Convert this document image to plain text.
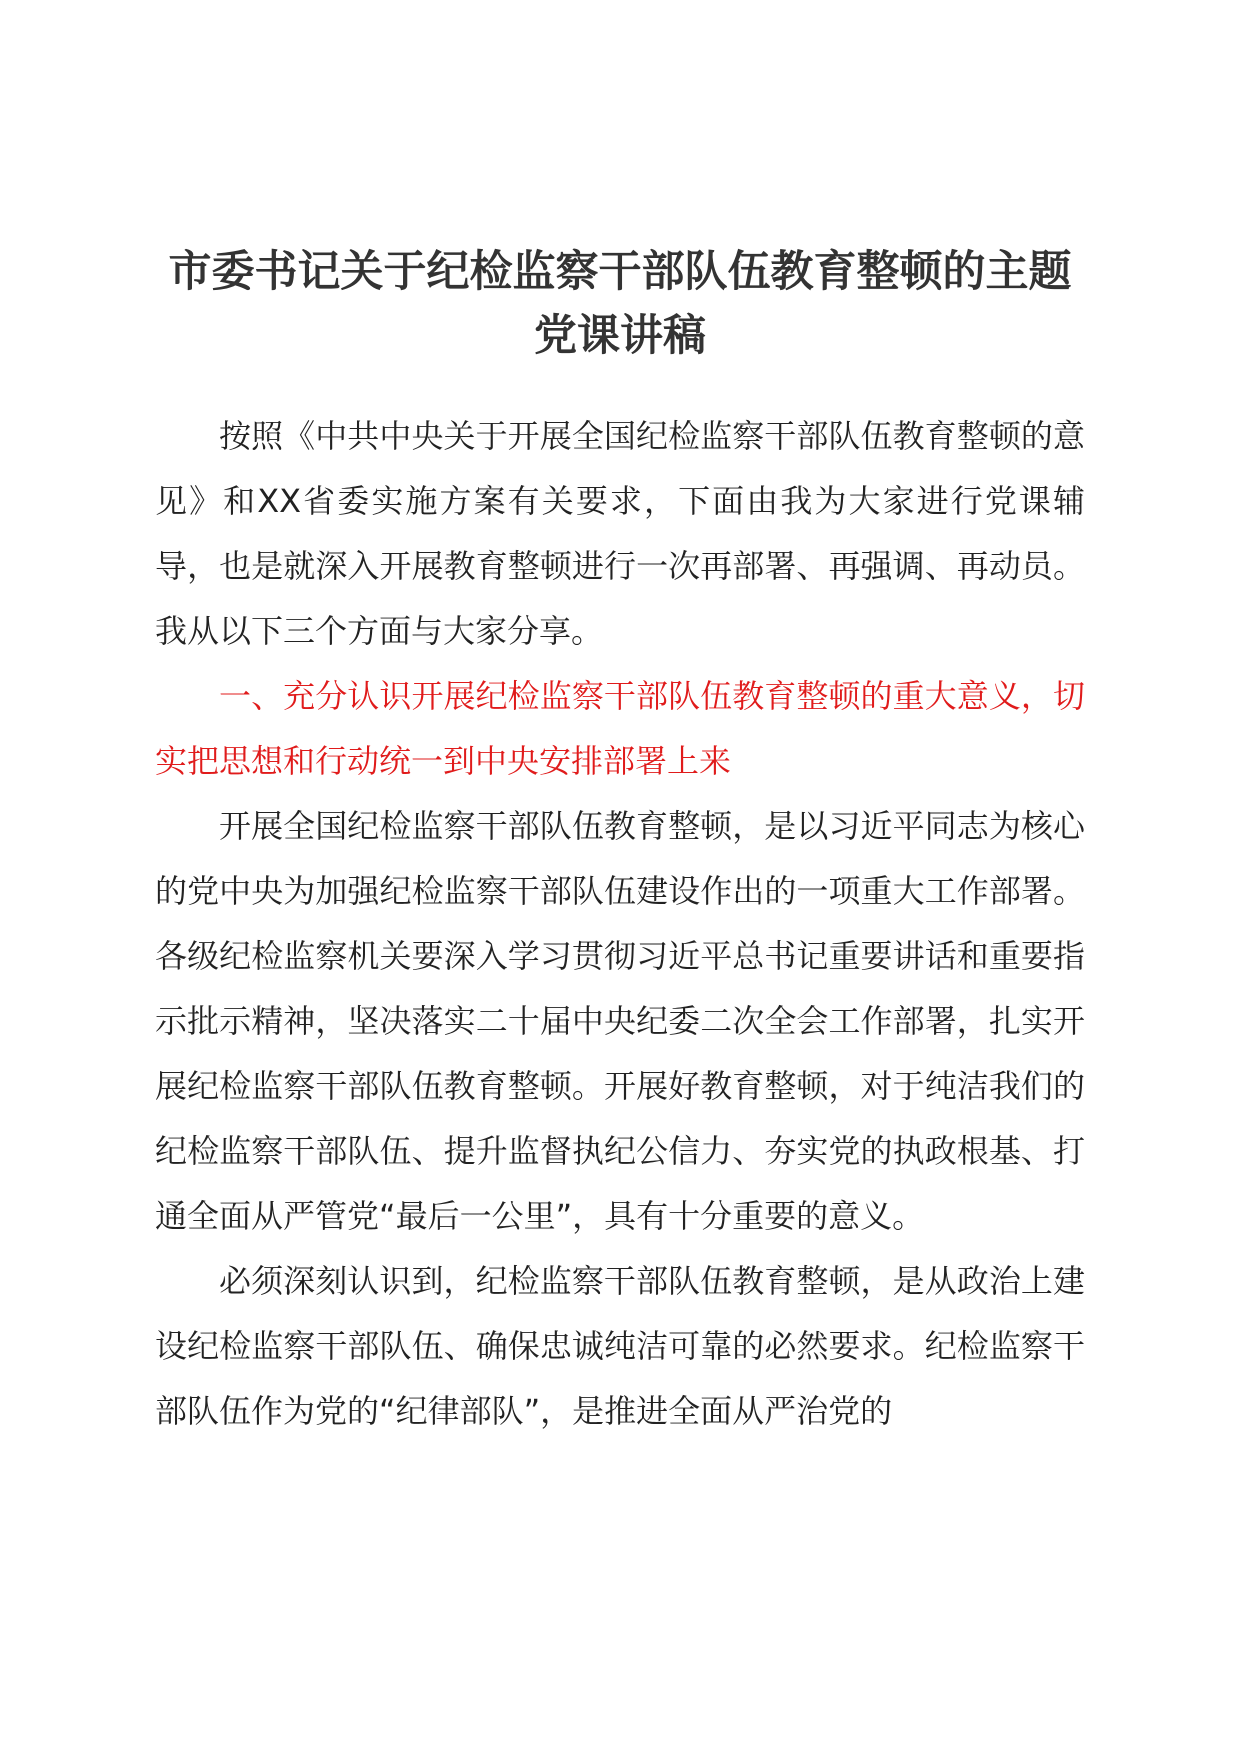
市委书记关于纪检监察干部队伍教育整顿的主题党课讲稿

按照《中共中央关于开展全国纪检监察干部队伍教育整顿的意见》和XX省委实施方案有关要求，下面由我为大家进行党课辅导，也是就深入开展教育整顿进行一次再部署、再强调、再动员。我从以下三个方面与大家分享。

一、充分认识开展纪检监察干部队伍教育整顿的重大意义，切实把思想和行动统一到中央安排部署上来

开展全国纪检监察干部队伍教育整顿，是以习近平同志为核心的党中央为加强纪检监察干部队伍建设作出的一项重大工作部署。各级纪检监察机关要深入学习贯彻习近平总书记重要讲话和重要指示批示精神，坚决落实二十届中央纪委二次全会工作部署，扎实开展纪检监察干部队伍教育整顿。开展好教育整顿，对于纯洁我们的纪检监察干部队伍、提升监督执纪公信力、夯实党的执政根基、打通全面从严管党“最后一公里”，具有十分重要的意义。

必须深刻认识到，纪检监察干部队伍教育整顿，是从政治上建设纪检监察干部队伍、确保忠诚纯洁可靠的必然要求。纪检监察干部队伍作为党的“纪律部队”，是推进全面从严治党的
